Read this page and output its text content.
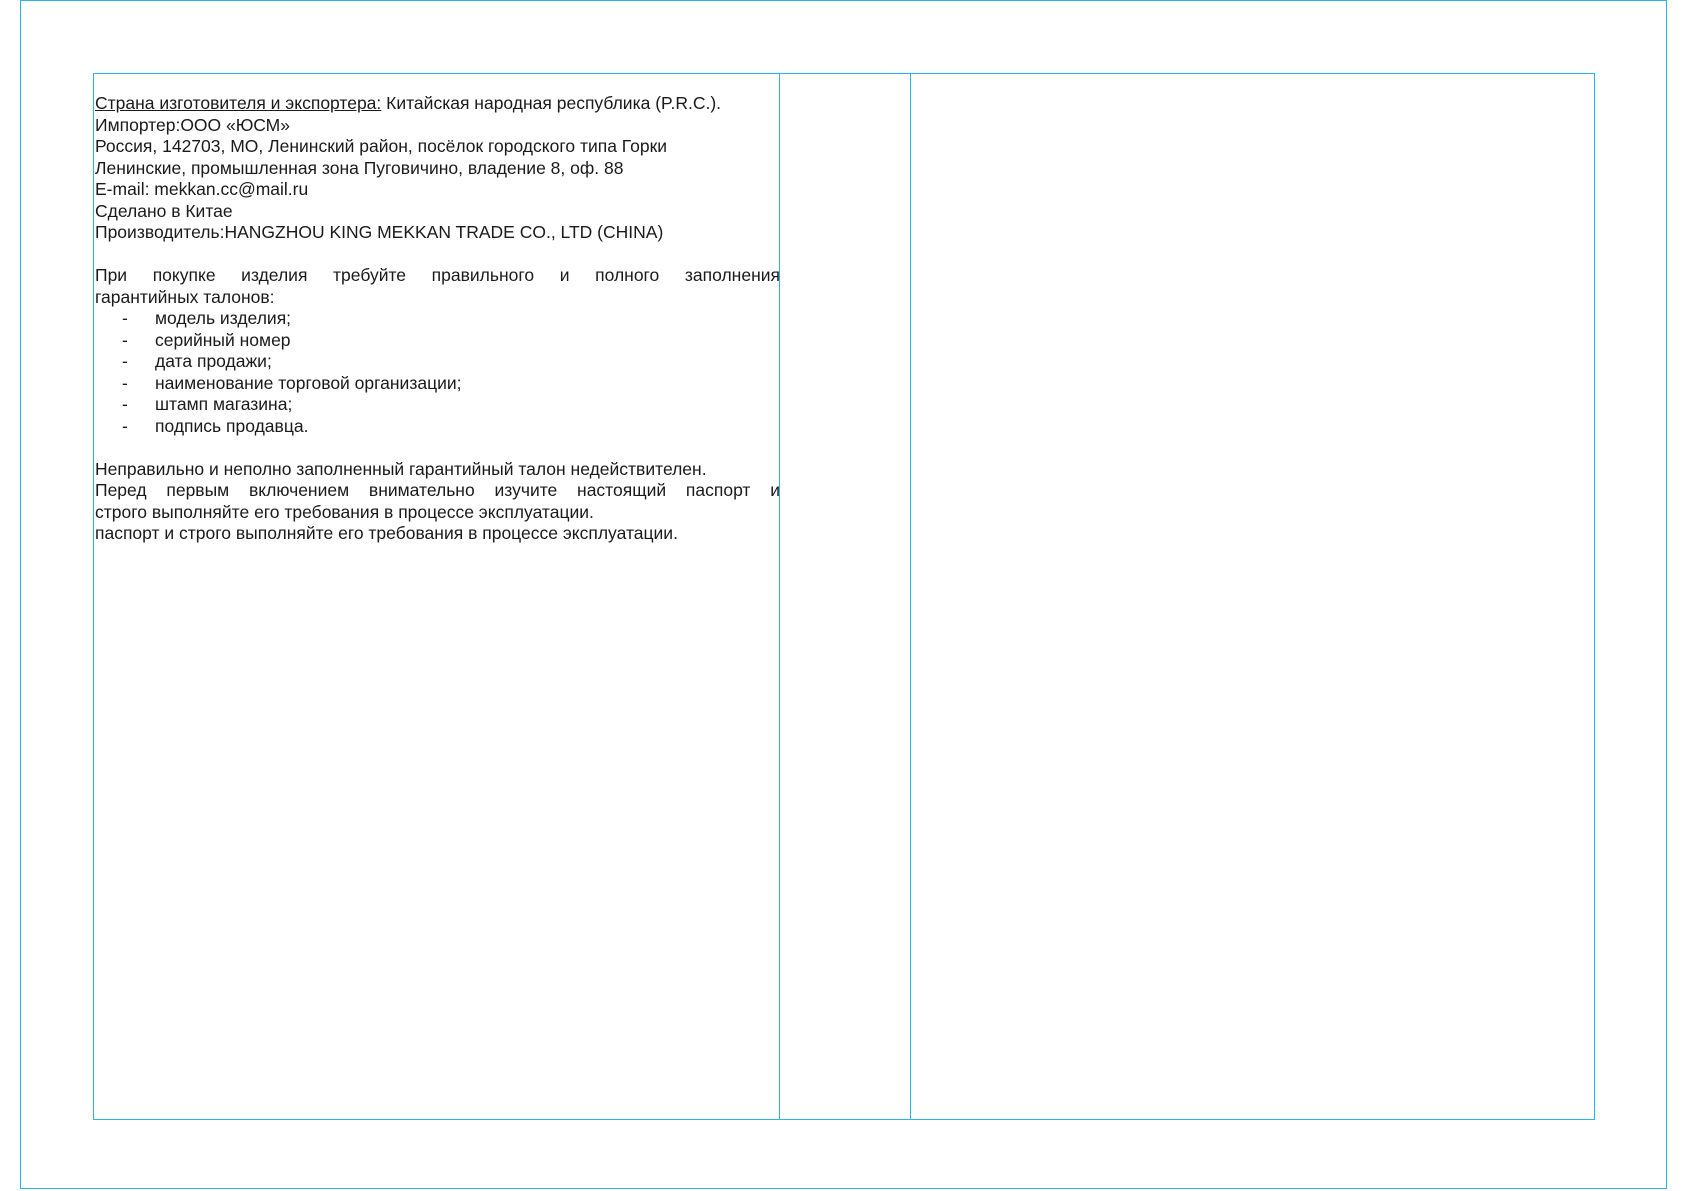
Страна изготовителя и экспортера: Китайская народная республика (P.R.C.).

Импортер:ООО «ЮСМ»

Россия, 142703, МО, Ленинский район, посёлок городского типа Горки

Ленинские, промышленная зона Пуговичино, владение 8, оф. 88

E-mail: mekkan.cc@mail.ru

Сделано в Китае

Производитель:HANGZHOU KING MEKKAN TRADE CO., LTD (CHINA)

При покупке изделия требуйте правильного и полного заполнения

гарантийных талонов:

- модель изделия;
- серийный номер
- дата продажи;
- наименование торговой организации;
- штамп магазина;
- подпись продавца.

Неправильно и неполно заполненный гарантийный талон недействителен.

Перед первым включением внимательно изучите настоящий паспорт и

строго выполняйте его требования в процессе эксплуатации.

паспорт и строго выполняйте его требования в процессе эксплуатации.
